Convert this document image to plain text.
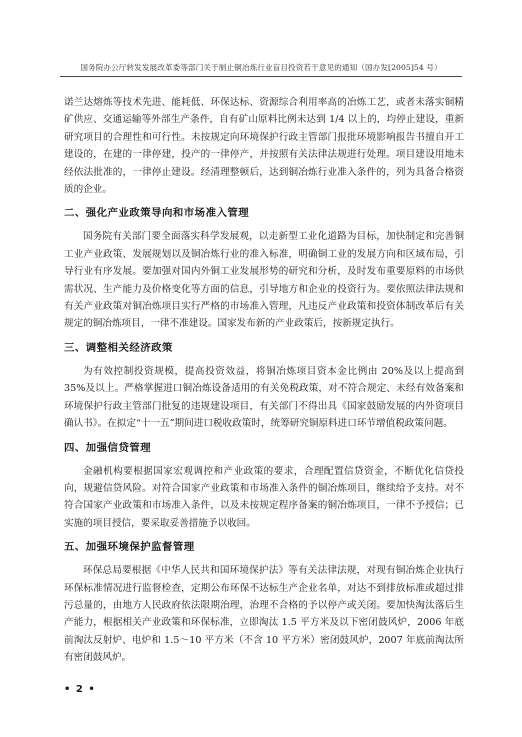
国务院办公厅转发发展改革委等部门关于制止铜冶炼行业盲目投资若干意见的通知（国办发[2005]54 号）

诺兰达熔炼等技术先进、能耗低、环保达标、资源综合利用率高的冶炼工艺，或者未落实铜精矿供应、交通运输等外部生产条件，自有矿山原料比例未达到 1/4 以上的，均停止建设，重新研究项目的合理性和可行性。未按规定向环境保护行政主管部门报批环境影响报告书擅自开工建设的，在建的一律停建，投产的一律停产，并按照有关法律法规进行处理。项目建设用地未经依法批准的，一律停止建设。经清理整顿后，达到铜冶炼行业准入条件的，列为具备合格资质的企业。

二、强化产业政策导向和市场准入管理

国务院有关部门要全面落实科学发展观，以走新型工业化道路为目标，加快制定和完善铜工业产业政策、发展规划以及铜冶炼行业的准入标准，明确铜工业的发展方向和区域布局，引导行业有序发展。要加强对国内外铜工业发展形势的研究和分析，及时发布重要原料的市场供需状况、生产能力及价格变化等方面的信息，引导地方和企业的投资行为。要依照法律法规和有关产业政策对铜冶炼项目实行严格的市场准入管理，凡违反产业政策和投资体制改革后有关规定的铜冶炼项目，一律不准建设。国家发布新的产业政策后，按新规定执行。

三、调整相关经济政策

为有效控制投资规模，提高投资效益，将铜冶炼项目资本金比例由 20%及以上提高到 35%及以上。严格掌握进口铜冶炼设备适用的有关免税政策，对不符合规定、未经有效备案和环境保护行政主管部门批复的违规建设项目，有关部门不得出具《国家鼓励发展的内外资项目确认书》。在拟定“十一五”期间进口税收政策时，统筹研究铜原料进口环节增值税政策问题。

四、加强信贷管理

金融机构要根据国家宏观调控和产业政策的要求，合理配置信贷资金，不断优化信贷投向，规避信贷风险。对符合国家产业政策和市场准入条件的铜冶炼项目，继续给予支持。对不符合国家产业政策和市场准入条件，以及未按规定程序备案的铜冶炼项目，一律不予授信；已实施的项目授信，要采取妥善措施予以收回。

五、加强环境保护监督管理

环保总局要根据《中华人民共和国环境保护法》等有关法律法规，对现有铜冶炼企业执行环保标准情况进行监督检查，定期公布环保不达标生产企业名单，对达不到排放标准或超过排污总量的，由地方人民政府依法限期治理，治理不合格的予以停产或关闭。要加快淘汰落后生产能力，根据相关产业政策和环保标准，立即淘汰 1.5 平方米及以下密闭鼓风炉，2006 年底前淘汰反射炉、电炉和 1.5～10 平方米（不含 10 平方米）密闭鼓风炉，2007 年底前淘汰所有密闭鼓风炉。

• 2 •
